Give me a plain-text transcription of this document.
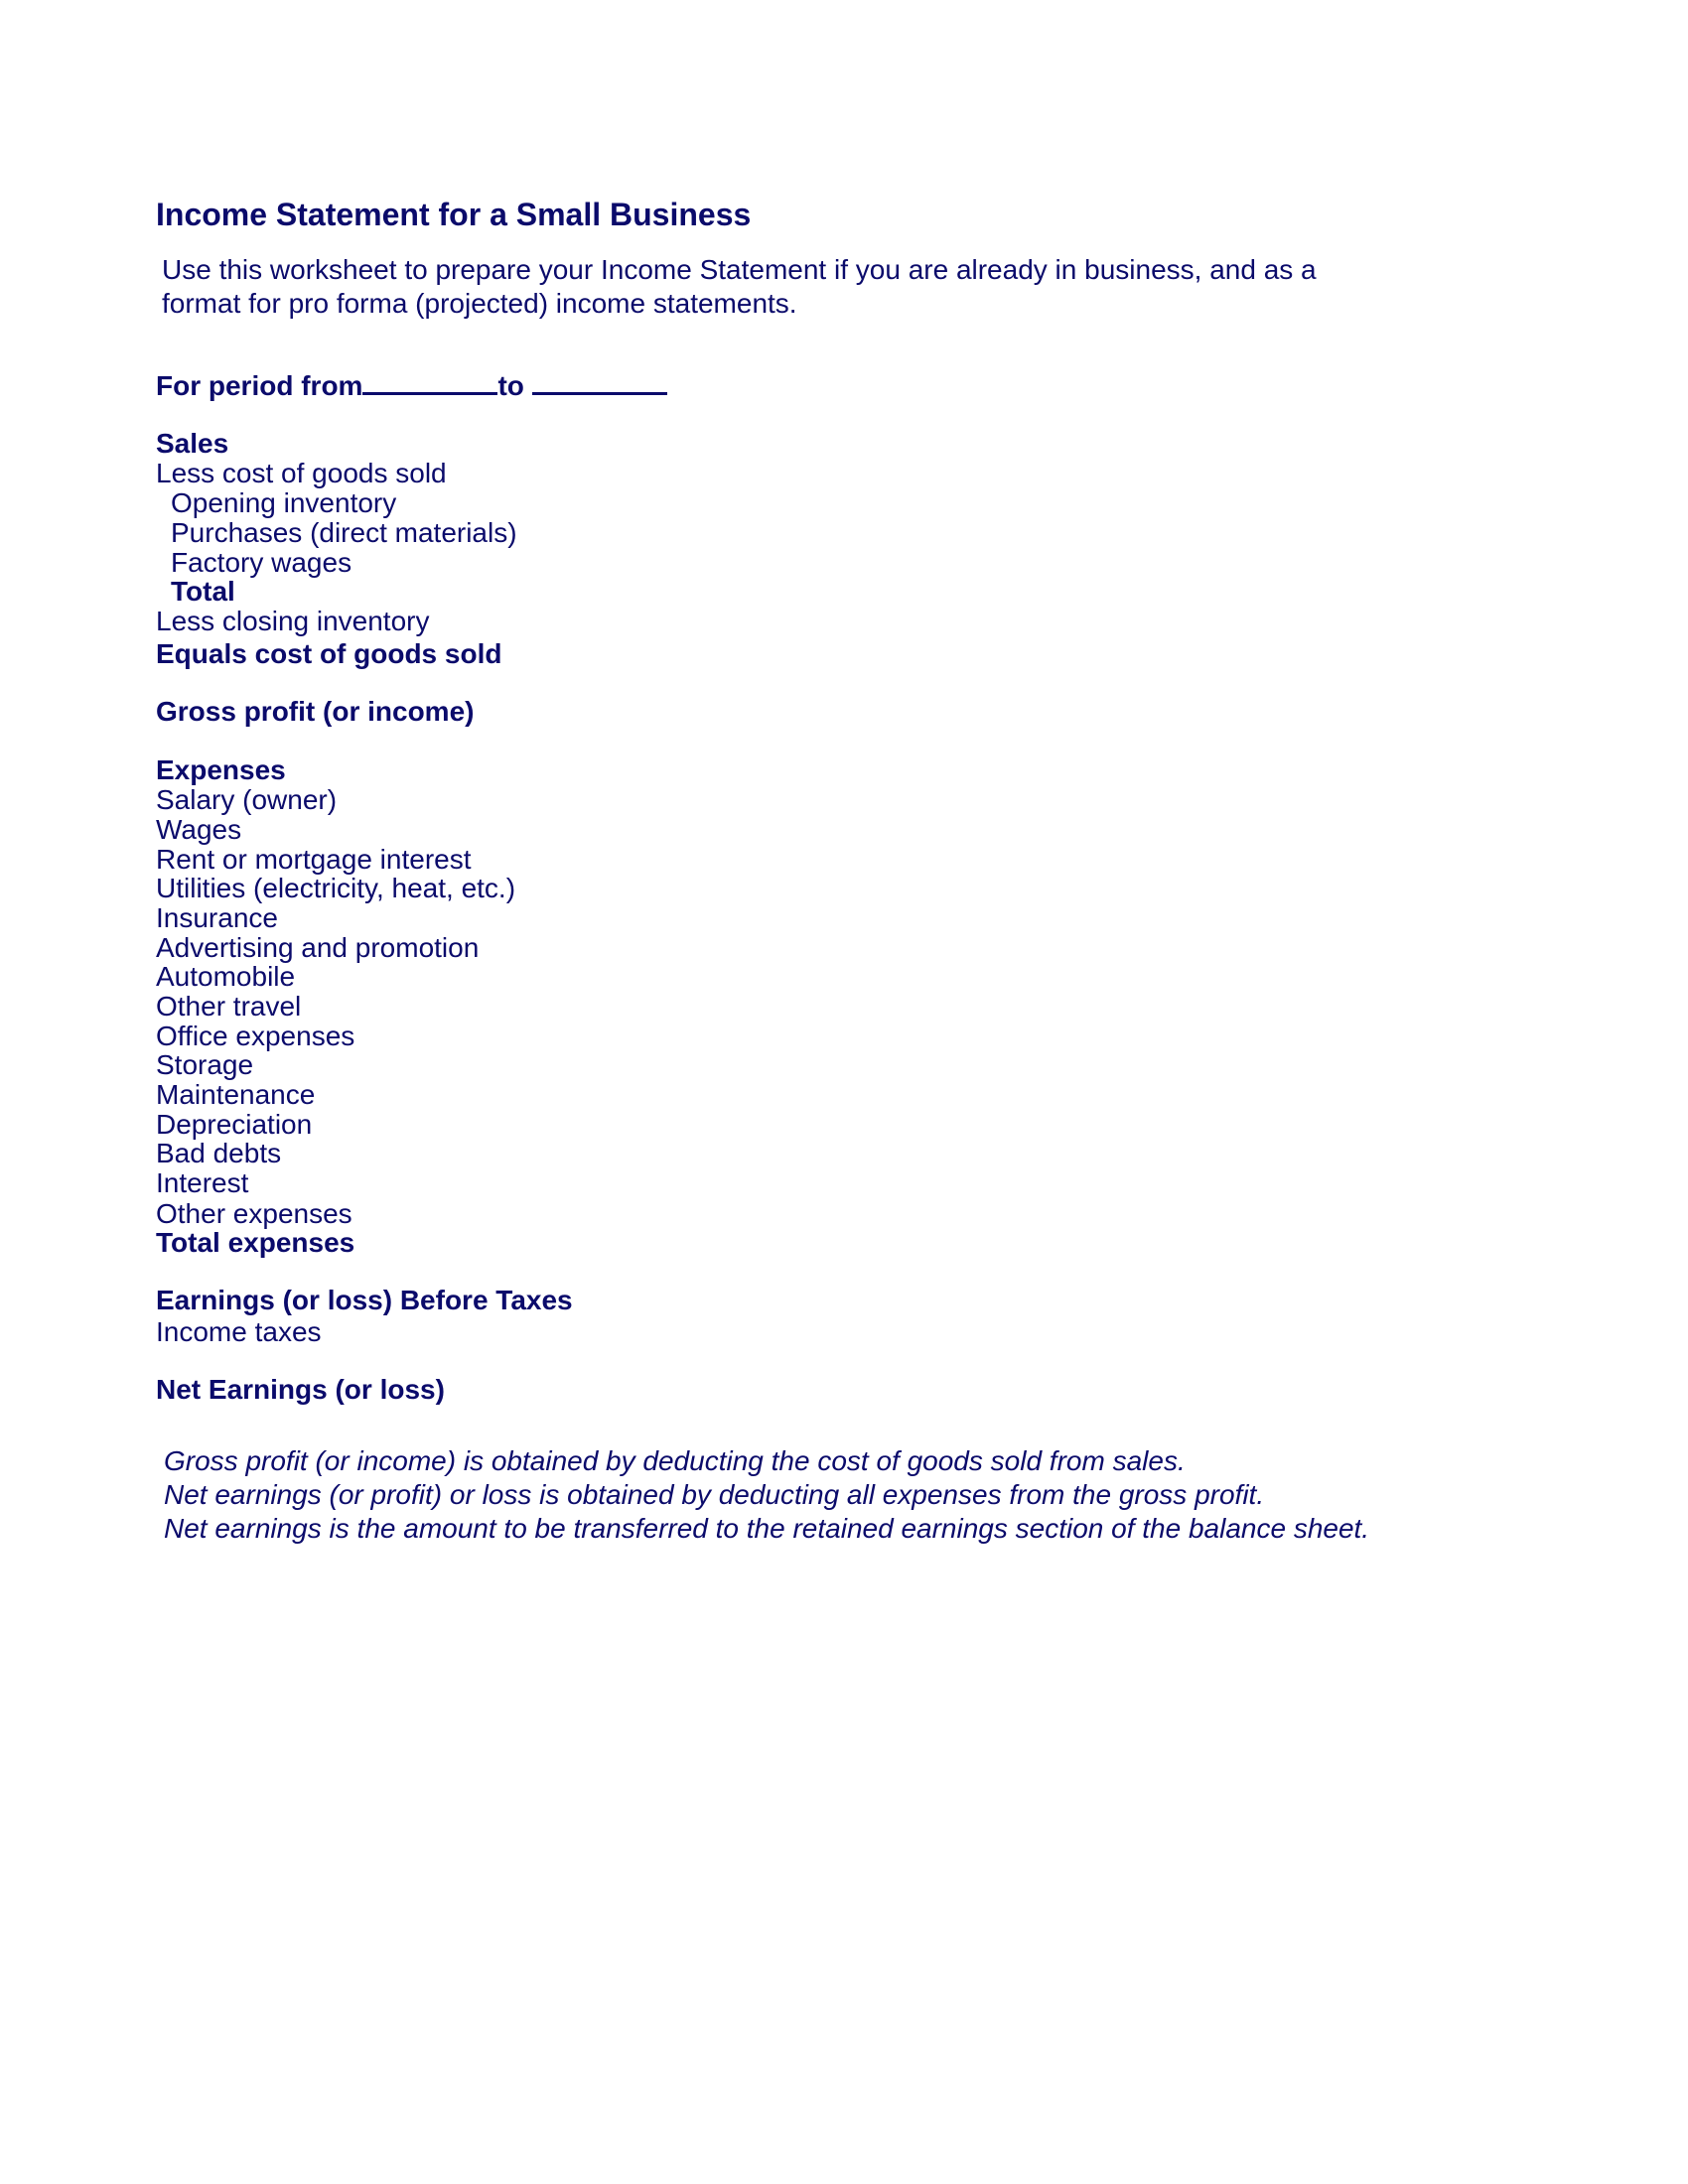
Income Statement for a Small Business
Use this worksheet to prepare your Income Statement if you are already in business, and as a
format for pro forma (projected) income statements.
For period from	to
Sales
Less cost of goods sold
Opening inventory
Purchases (direct materials)
Factory wages
Total
Less closing inventory
Equals cost of goods sold
Gross profit (or income)
Expenses
Salary (owner)
Wages
Rent or mortgage interest
Utilities (electricity, heat, etc.)
Insurance
Advertising and promotion
Automobile
Other travel
Office expenses
Storage
Maintenance
Depreciation
Bad debts
Interest
Other expenses
Total expenses
Earnings (or loss) Before Taxes
Income taxes
Net Earnings (or loss)
Gross profit (or income) is obtained by deducting the cost of goods sold from sales.
Net earnings (or profit) or loss is obtained by deducting all expenses from the gross profit.
Net earnings is the amount to be transferred to the retained earnings section of the balance sheet.
